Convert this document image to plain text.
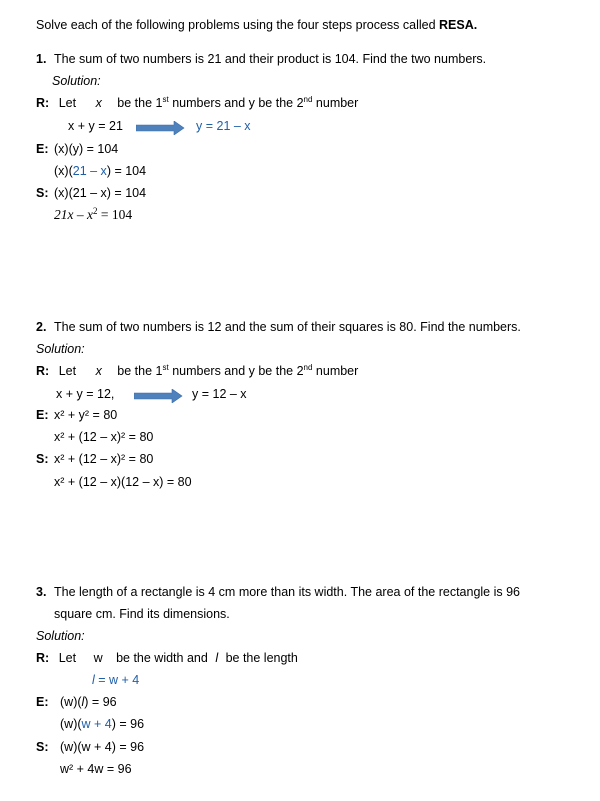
Solve each of the following problems using the four steps process called RESA.
1. The sum of two numbers is 21 and their product is 104. Find the two numbers.
Solution:
R: Let x be the 1st numbers and y be the 2nd number
x + y = 21	y = 21 – x
E: (x)(y) = 104
(x)(21 – x) = 104
S: (x)(21 – x) = 104
$21x - x^2 = 104$
2. The sum of two numbers is 12 and the sum of their squares is 80. Find the numbers.
Solution:
R: Let x be the 1st numbers and y be the 2nd number
x + y = 12,	y = 12 – x
E: x² + y² = 80
x² + (12 – x)² = 80
S: x² + (12 – x)² = 80
x² + (12 – x)(12 – x) = 80
3. The length of a rectangle is 4 cm more than its width. The area of the rectangle is 96
square cm. Find its dimensions.
Solution:
R: Let w be the width and l be the length
l = w + 4
E: (w)(l) = 96
(w)(w + 4) = 96
S: (w)(w + 4) = 96
w² + 4w = 96
